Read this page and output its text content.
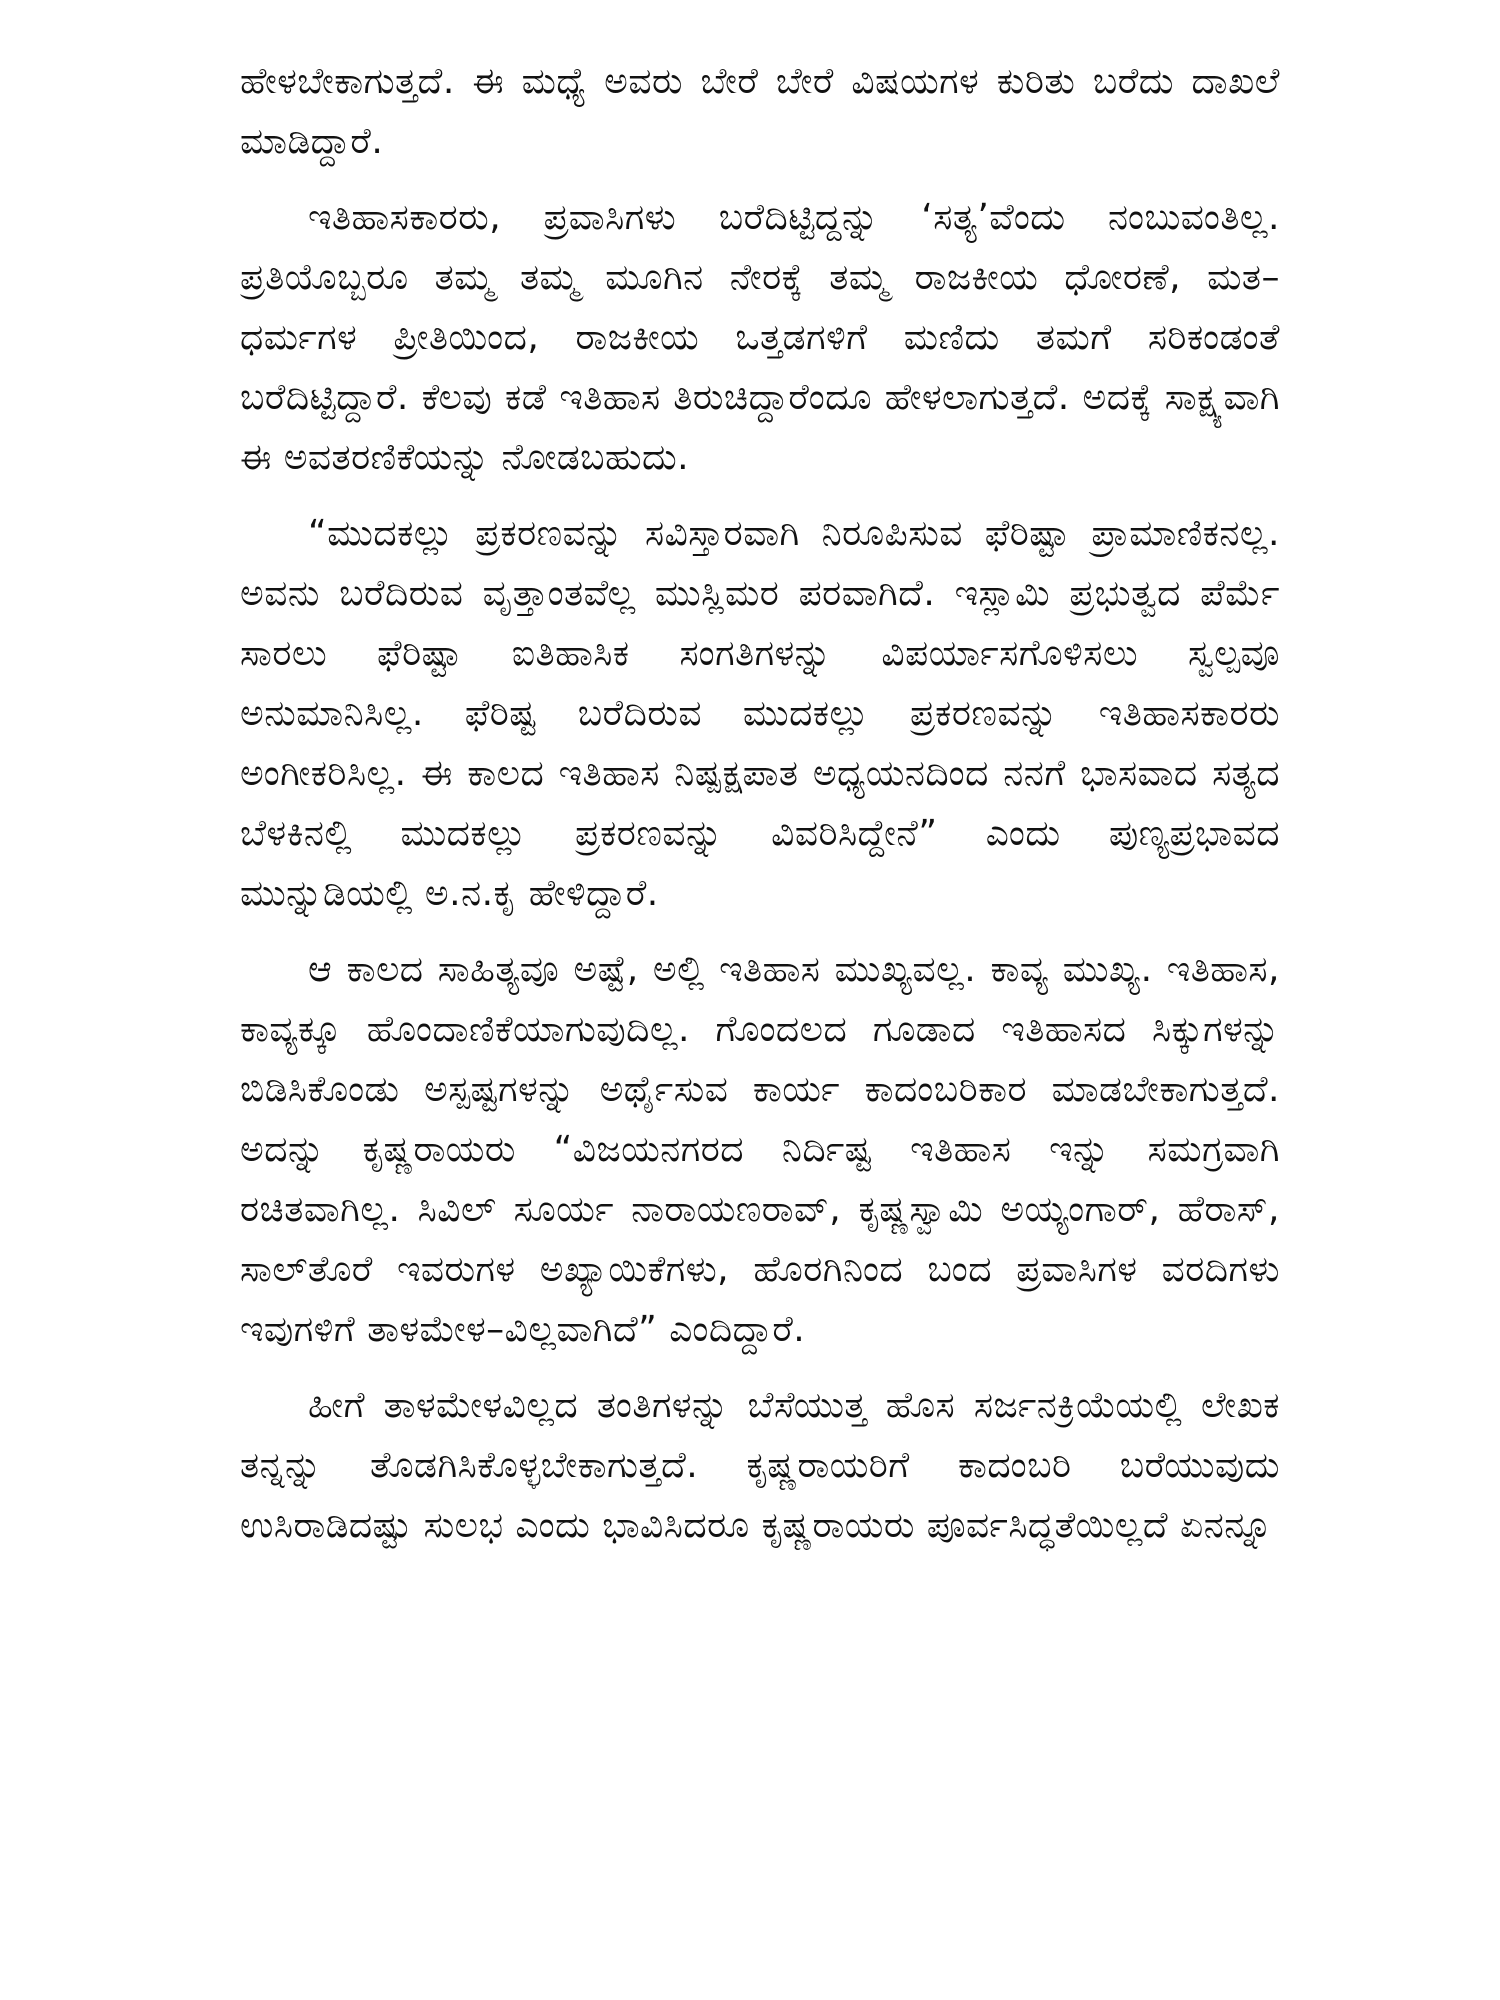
ಹೇಳಬೇಕಾಗುತ್ತದೆ. ಈ ಮಧ್ಯೆ ಅವರು ಬೇರೆ ಬೇರೆ ವಿಷಯಗಳ ಕುರಿತು ಬರೆದು ದಾಖಲೆ ಮಾಡಿದ್ದಾರೆ.

ಇತಿಹಾಸಕಾರರು, ಪ್ರವಾಸಿಗಳು ಬರೆದಿಟ್ಟಿದ್ದನ್ನು ‘ಸತ್ಯ’ವೆಂದು ನಂಬುವಂತಿಲ್ಲ. ಪ್ರತಿಯೊಬ್ಬರೂ ತಮ್ಮ ತಮ್ಮ ಮೂಗಿನ ನೇರಕ್ಕೆ ತಮ್ಮ ರಾಜಕೀಯ ಧೋರಣೆ, ಮತ–ಧರ್ಮಗಳ ಪ್ರೀತಿಯಿಂದ, ರಾಜಕೀಯ ಒತ್ತಡಗಳಿಗೆ ಮಣಿದು ತಮಗೆ ಸರಿಕಂಡಂತೆ ಬರೆದಿಟ್ಟಿದ್ದಾರೆ. ಕೆಲವು ಕಡೆ ಇತಿಹಾಸ ತಿರುಚಿದ್ದಾರೆಂದೂ ಹೇಳಲಾಗುತ್ತದೆ. ಅದಕ್ಕೆ ಸಾಕ್ಷ್ಯವಾಗಿ ಈ ಅವತರಣಿಕೆಯನ್ನು ನೋಡಬಹುದು.

“ಮುದಕಲ್ಲು ಪ್ರಕರಣವನ್ನು ಸವಿಸ್ತಾರವಾಗಿ ನಿರೂಪಿಸುವ ಫೆರಿಷ್ಟಾ ಪ್ರಾಮಾಣಿಕನಲ್ಲ. ಅವನು ಬರೆದಿರುವ ವೃತ್ತಾಂತವೆಲ್ಲ ಮುಸ್ಲಿಮರ ಪರವಾಗಿದೆ. ಇಸ್ಲಾಮಿ ಪ್ರಭುತ್ವದ ಪೆರ್ಮೆ ಸಾರಲು ಫೆರಿಷ್ಟಾ ಐತಿಹಾಸಿಕ ಸಂಗತಿಗಳನ್ನು ವಿಪರ್ಯಾಸಗೊಳಿಸಲು ಸ್ವಲ್ಪವೂ ಅನುಮಾನಿಸಿಲ್ಲ. ಫೆರಿಷ್ಟ ಬರೆದಿರುವ ಮುದಕಲ್ಲು ಪ್ರಕರಣವನ್ನು ಇತಿಹಾಸಕಾರರು ಅಂಗೀಕರಿಸಿಲ್ಲ. ಈ ಕಾಲದ ಇತಿಹಾಸ ನಿಷ್ಪಕ್ಷಪಾತ ಅಧ್ಯಯನದಿಂದ ನನಗೆ ಭಾಸವಾದ ಸತ್ಯದ ಬೆಳಕಿನಲ್ಲಿ ಮುದಕಲ್ಲು ಪ್ರಕರಣವನ್ನು ವಿವರಿಸಿದ್ದೇನೆ” ಎಂದು ಪುಣ್ಯಪ್ರಭಾವದ ಮುನ್ನುಡಿಯಲ್ಲಿ ಅ.ನ.ಕೃ ಹೇಳಿದ್ದಾರೆ.

ಆ ಕಾಲದ ಸಾಹಿತ್ಯವೂ ಅಷ್ಟೆ, ಅಲ್ಲಿ ಇತಿಹಾಸ ಮುಖ್ಯವಲ್ಲ. ಕಾವ್ಯ ಮುಖ್ಯ. ಇತಿಹಾಸ, ಕಾವ್ಯಕ್ಕೂ ಹೊಂದಾಣಿಕೆಯಾಗುವುದಿಲ್ಲ. ಗೊಂದಲದ ಗೂಡಾದ ಇತಿಹಾಸದ ಸಿಕ್ಕುಗಳನ್ನು ಬಿಡಿಸಿಕೊಂಡು ಅಸ್ಪಷ್ಟಗಳನ್ನು ಅರ್ಥೈಸುವ ಕಾರ್ಯ ಕಾದಂಬರಿಕಾರ ಮಾಡಬೇಕಾಗುತ್ತದೆ. ಅದನ್ನು ಕೃಷ್ಣರಾಯರು “ವಿಜಯನಗರದ ನಿರ್ದಿಷ್ಟ ಇತಿಹಾಸ ಇನ್ನು ಸಮಗ್ರವಾಗಿ ರಚಿತವಾಗಿಲ್ಲ. ಸಿವಿಲ್ ಸೂರ್ಯ ನಾರಾಯಣರಾವ್, ಕೃಷ್ಣಸ್ವಾಮಿ ಅಯ್ಯಂಗಾರ್, ಹೆರಾಸ್, ಸಾಲ್‌ತೊರೆ ಇವರುಗಳ ಅಖ್ಯಾಯಿಕೆಗಳು, ಹೊರಗಿನಿಂದ ಬಂದ ಪ್ರವಾಸಿಗಳ ವರದಿಗಳು ಇವುಗಳಿಗೆ ತಾಳಮೇಳ–ವಿಲ್ಲವಾಗಿದೆ” ಎಂದಿದ್ದಾರೆ.

ಹೀಗೆ ತಾಳಮೇಳವಿಲ್ಲದ ತಂತಿಗಳನ್ನು ಬೆಸೆಯುತ್ತ ಹೊಸ ಸರ್ಜನಕ್ರಿಯೆಯಲ್ಲಿ ಲೇಖಕ ತನ್ನನ್ನು ತೊಡಗಿಸಿಕೊಳ್ಳಬೇಕಾಗುತ್ತದೆ. ಕೃಷ್ಣರಾಯರಿಗೆ ಕಾದಂಬರಿ ಬರೆಯುವುದು ಉಸಿರಾಡಿದಷ್ಟು ಸುಲಭ ಎಂದು ಭಾವಿಸಿದರೂ ಕೃಷ್ಣರಾಯರು ಪೂರ್ವಸಿದ್ಧತೆಯಿಲ್ಲದೆ ಏನನ್ನೂ
